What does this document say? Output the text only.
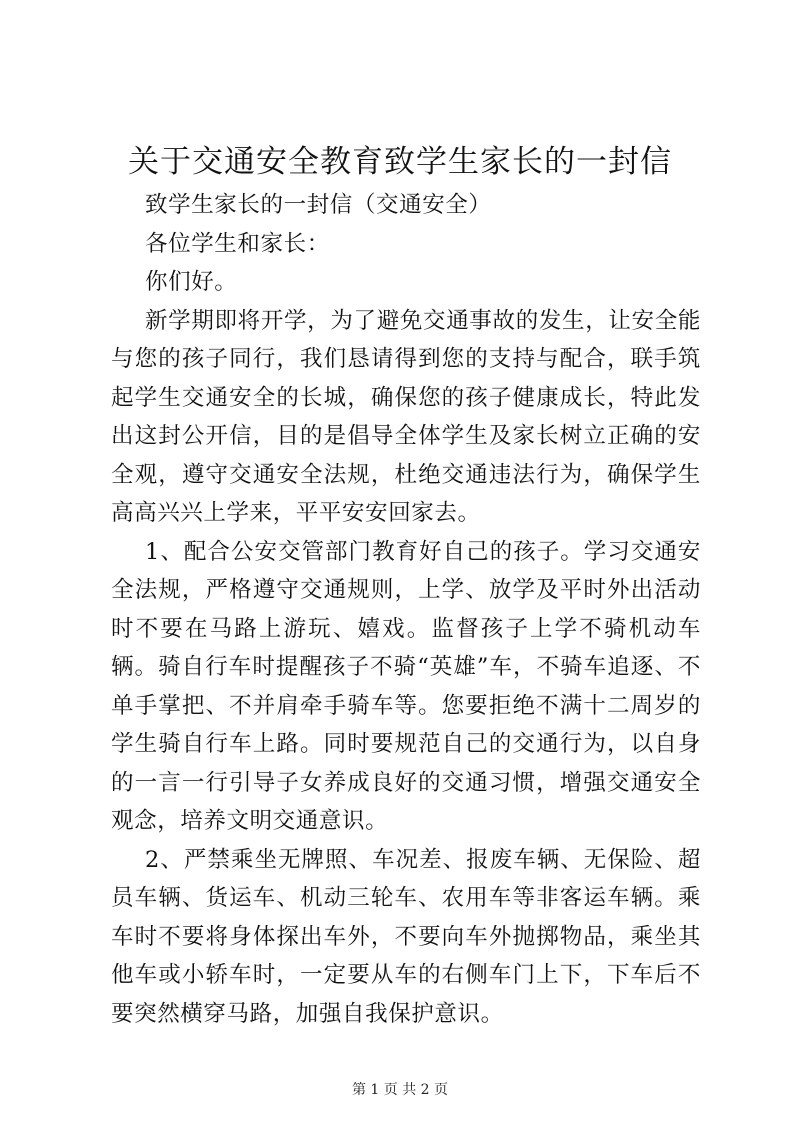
关于交通安全教育致学生家长的一封信

致学生家长的一封信（交通安全）

各位学生和家长：

你们好。

新学期即将开学，为了避免交通事故的发生，让安全能与您的孩子同行，我们恳请得到您的支持与配合，联手筑起学生交通安全的长城，确保您的孩子健康成长，特此发出这封公开信，目的是倡导全体学生及家长树立正确的安全观，遵守交通安全法规，杜绝交通违法行为，确保学生高高兴兴上学来，平平安安回家去。

1、配合公安交管部门教育好自己的孩子。学习交通安全法规，严格遵守交通规则，上学、放学及平时外出活动时不要在马路上游玩、嬉戏。监督孩子上学不骑机动车辆。骑自行车时提醒孩子不骑“英雄”车，不骑车追逐、不单手掌把、不并肩牵手骑车等。您要拒绝不满十二周岁的学生骑自行车上路。同时要规范自己的交通行为，以自身的一言一行引导子女养成良好的交通习惯，增强交通安全观念，培养文明交通意识。

2、严禁乘坐无牌照、车况差、报废车辆、无保险、超员车辆、货运车、机动三轮车、农用车等非客运车辆。乘车时不要将身体探出车外，不要向车外抛掷物品，乘坐其他车或小轿车时，一定要从车的右侧车门上下，下车后不要突然横穿马路，加强自我保护意识。

第 1 页 共 2 页
